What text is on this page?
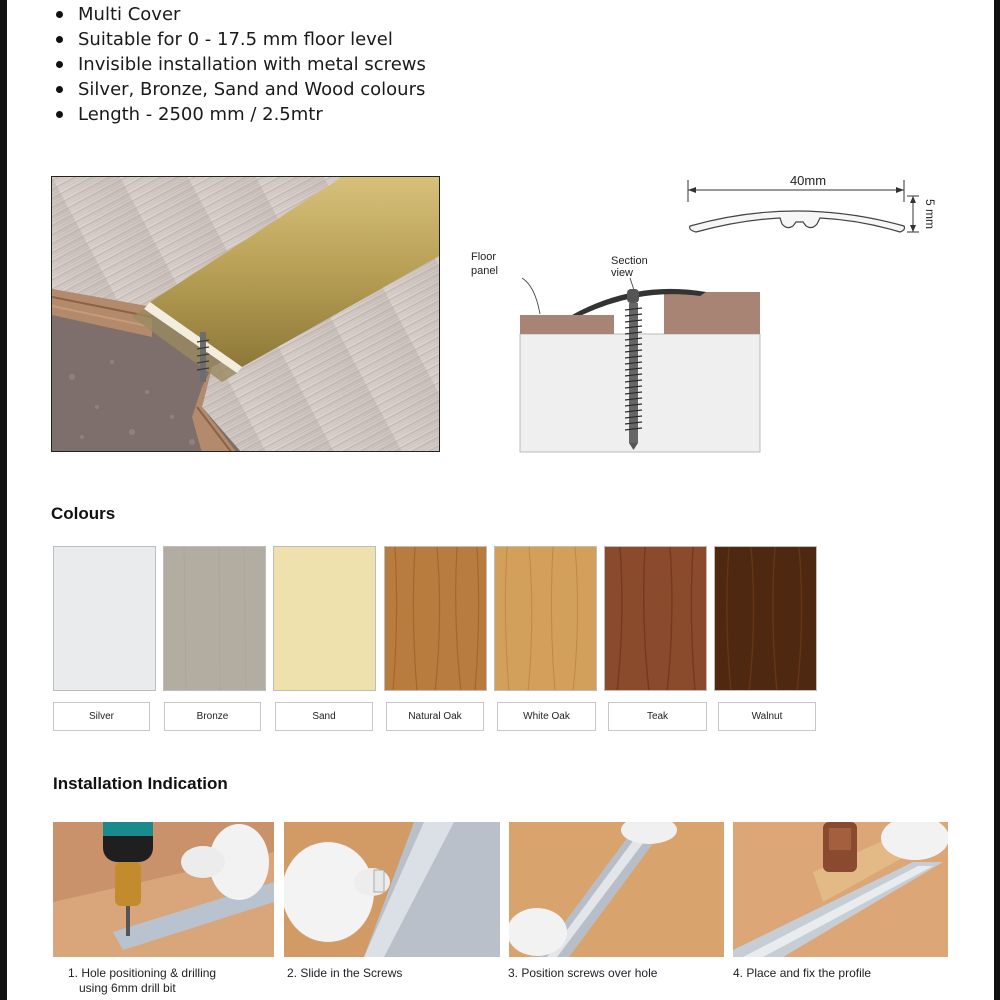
Multi Cover
Suitable for 0 - 17.5 mm floor level
Invisible installation with metal screws
Silver, Bronze, Sand and Wood colours
Length - 2500 mm / 2.5mtr
40mm
5 mm
Floor
panel
Section
view
Colours
Silver	Bronze	Sand	Natural Oak	White Oak	Teak	Walnut
Installation Indication
1. Hole positioning & drilling
using 6mm drill bit
2. Slide in the Screws	3. Position screws over hole	4. Place and fix the profile
